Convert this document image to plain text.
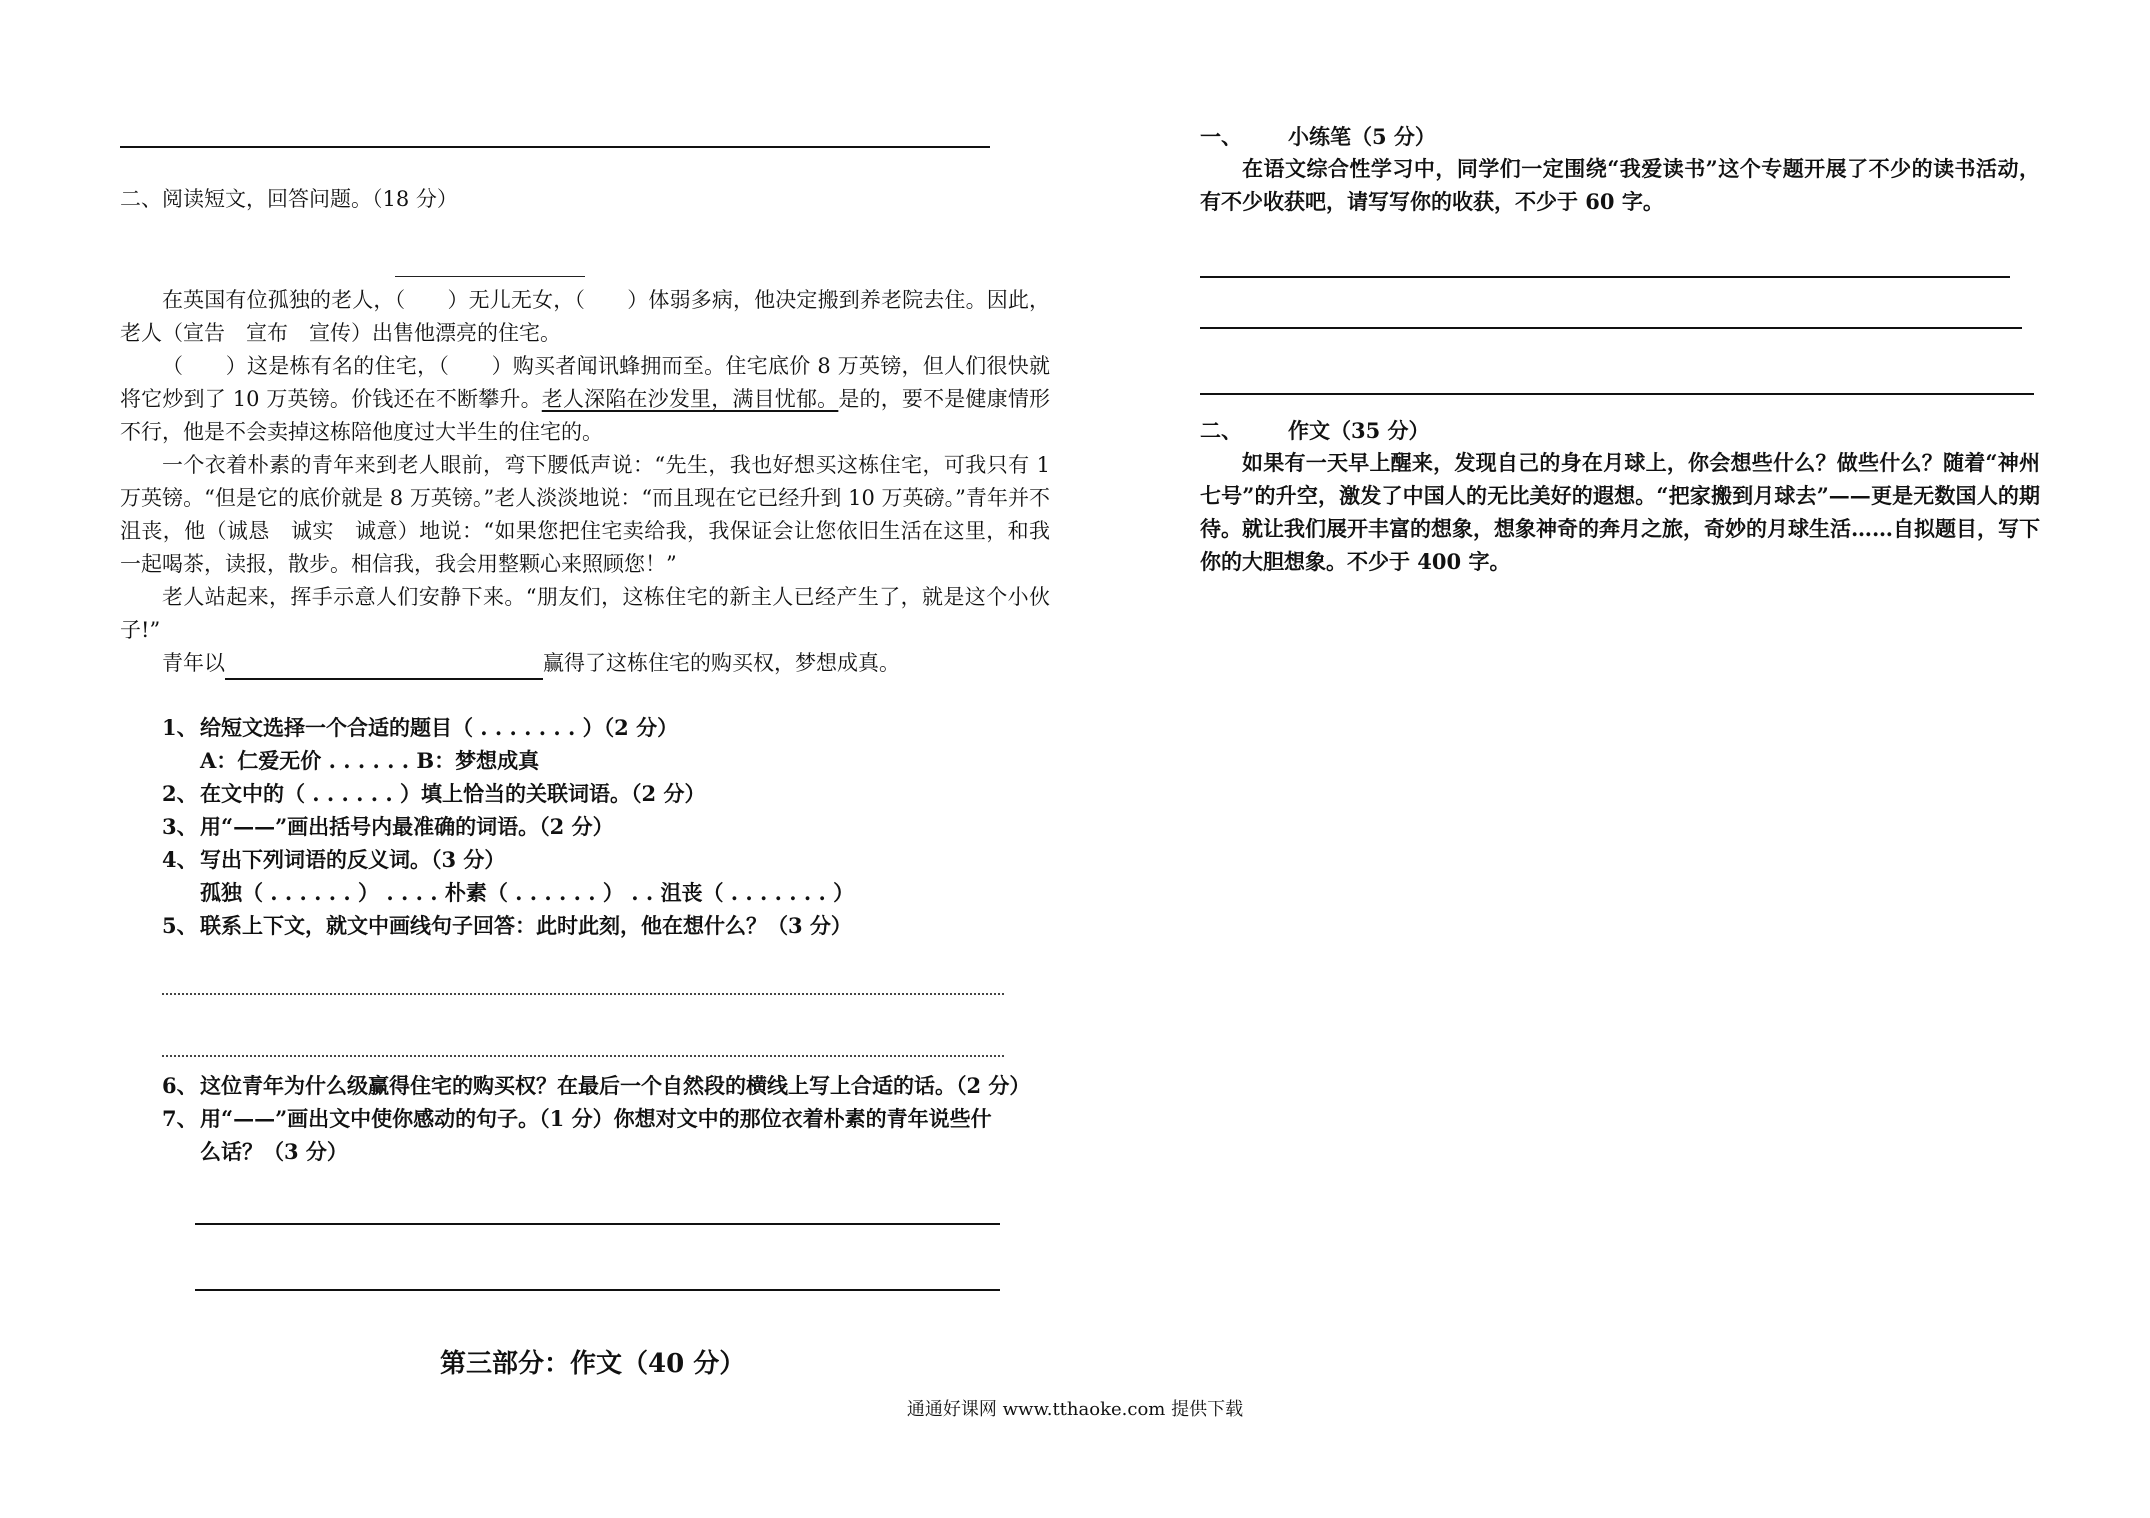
二、阅读短文，回答问题。（18 分）
在英国有位孤独的老人，（　　）无儿无女，（　　）体弱多病，他决定搬到养老院去住。因此，老人（宣告　宣布　宣传）出售他漂亮的住宅。
（　　）这是栋有名的住宅，（　　）购买者闻讯蜂拥而至。住宅底价 8 万英镑，但人们很快就将它炒到了 10 万英镑。价钱还在不断攀升。老人深陷在沙发里，满目忧郁。是的，要不是健康情形不行，他是不会卖掉这栋陪他度过大半生的住宅的。
一个衣着朴素的青年来到老人眼前，弯下腰低声说：“先生，我也好想买这栋住宅，可我只有 1 万英镑。“但是它的底价就是 8 万英镑。”老人淡淡地说：“而且现在它已经升到 10 万英磅。”青年并不沮丧，他（诚恳　诚实　诚意）地说：“如果您把住宅卖给我，我保证会让您依旧生活在这里，和我一起喝茶，读报，散步。相信我，我会用整颗心来照顾您！”
老人站起来，挥手示意人们安静下来。“朋友们，这栋住宅的新主人已经产生了，就是这个小伙子!”
青年以	赢得了这栋住宅的购买权，梦想成真。
1、 给短文选择一个合适的题目（ . . . . . . . ）（2 分）
A：仁爱无价 . . . . . . B：梦想成真
2、 在文中的（ . . . . . . ）填上恰当的关联词语。（2 分）
3、 用“——”画出括号内最准确的词语。（2 分）
4、 写出下列词语的反义词。（3 分）
孤独（ . . . . . . ） . . . . 朴素（ . . . . . . ） . . 沮丧（ . . . . . . . ）
5、 联系上下文，就文中画线句子回答：此时此刻，他在想什么？（3 分）
6、 这位青年为什么级赢得住宅的购买权？在最后一个自然段的横线上写上合适的话。（2 分）
7、 用“——”画出文中使你感动的句子。（1 分）你想对文中的那位衣着朴素的青年说些什
么话？（3 分）
第三部分：作文（40 分）
一、 小练笔（5 分）
在语文综合性学习中，同学们一定围绕“我爱读书”这个专题开展了不少的读书活动，有不少收获吧，请写写你的收获，不少于 60 字。
二、 作文（35 分）
如果有一天早上醒来，发现自己的身在月球上，你会想些什么？做些什么？随着“神州七号”的升空，激发了中国人的无比美好的遐想。“把家搬到月球去”——更是无数国人的期待。就让我们展开丰富的想象，想象神奇的奔月之旅，奇妙的月球生活……自拟题目，写下你的大胆想象。不少于 400 字。
通通好课网 www.tthaoke.com 提供下载
